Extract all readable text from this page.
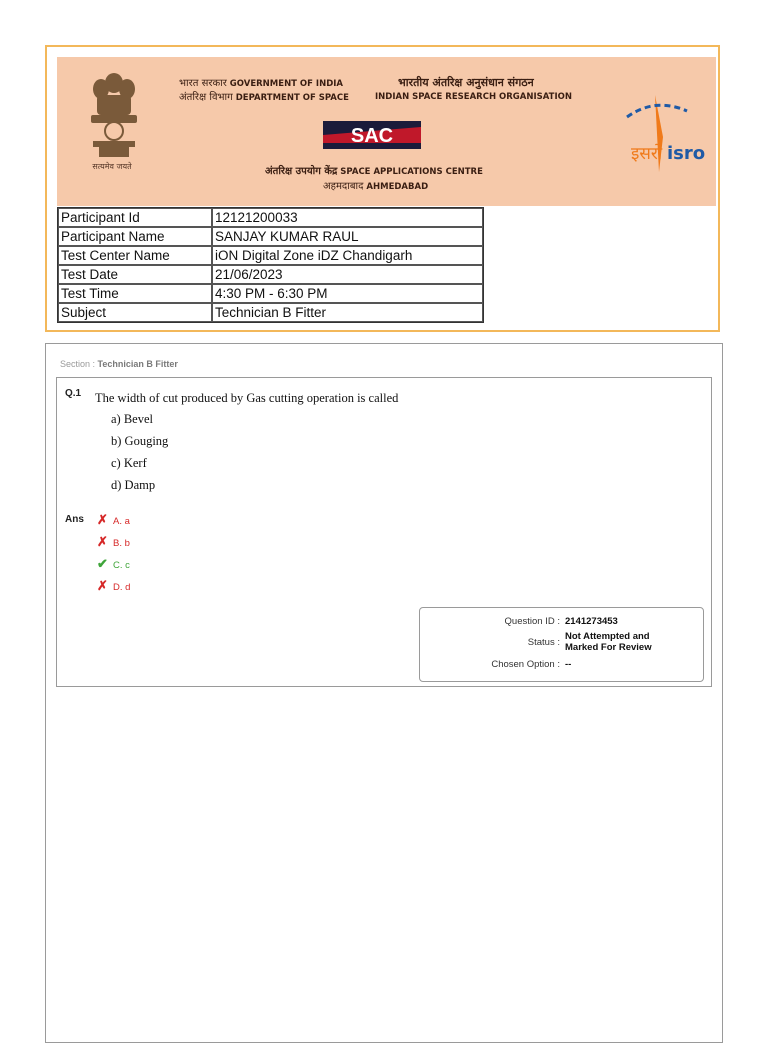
सत्यमेव जयते
भारत सरकार GOVERNMENT OF INDIA
अंतरिक्ष विभाग DEPARTMENT OF SPACE
भारतीय अंतरिक्ष अनुसंधान संगठन
INDIAN SPACE RESEARCH ORGANISATION
SAC
अंतरिक्ष उपयोग केंद्र SPACE APPLICATIONS CENTRE
अहमदाबाद AHMEDABAD
इसरो isro
Participant Id	12121200033
Participant Name	SANJAY KUMAR RAUL
Test Center Name	iON Digital Zone iDZ Chandigarh
Test Date	21/06/2023
Test Time	4:30 PM - 6:30 PM
Subject	Technician B Fitter
Section : Technician B Fitter
Q.1 The width of cut produced by Gas cutting operation is called
a) Bevel
b) Gouging
c) Kerf
d) Damp
Ans ✗ A. a
✗ B. b
✔ C. c
✗ D. d
Question ID : 2141273453
Status :
Not Attempted and
Marked For Review
Chosen Option : --
